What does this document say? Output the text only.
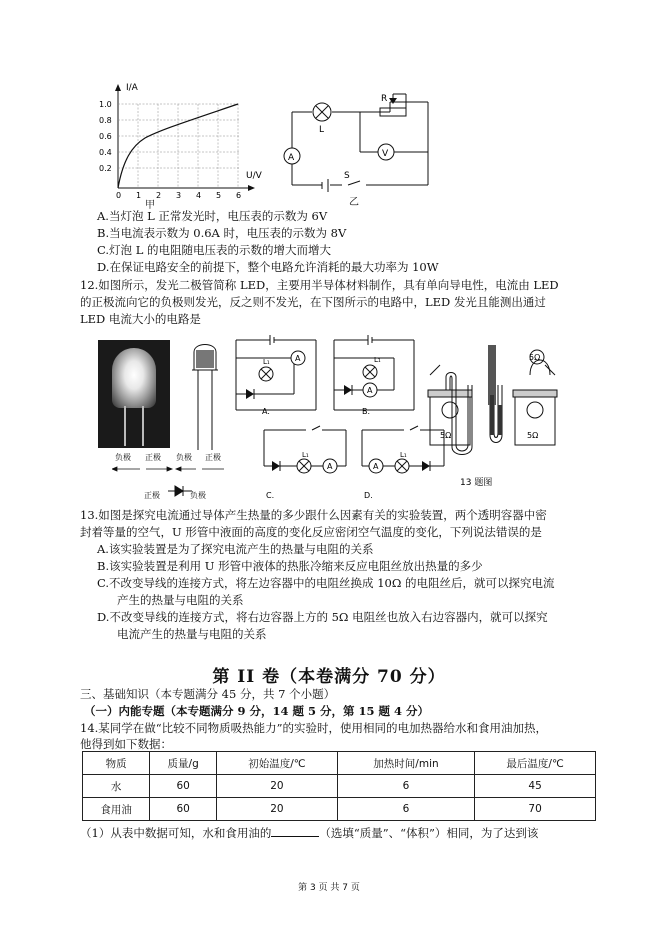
I/A
U/V
1.0
0.8
0.6
0.4
0.2
0 1 2 3 4 5 6
甲
L
R
A	V
S
乙
A.当灯泡 L 正常发光时，电压表的示数为 6V
B.当电流表示数为 0.6A 时，电压表的示数为 8V
C.灯泡 L 的电阻随电压表的示数的增大而增大
D.在保证电路安全的前提下，整个电路允许消耗的最大功率为 10W
12.如图所示，发光二极管简称 LED，主要用半导体材料制作，具有单向导电性，电流由 LED
的正极流向它的负极则发光，反之则不发光，在下图所示的电路中，LED 发光且能测出通过
LED 电流大小的电路是
负极 正极 负极 正极
正极	负极
A
L₁
A.
A
L₁
B.
A
L₁
C.
A
L₁
D.
5Ω	5Ω
5Ω
13 题图
13.如图是探究电流通过导体产生热量的多少跟什么因素有关的实验装置，两个透明容器中密
封着等量的空气，U 形管中液面的高度的变化反应密闭空气温度的变化，下列说法错误的是
A.该实验装置是为了探究电流产生的热量与电阻的关系
B.该实验装置是利用 U 形管中液体的热胀冷缩来反应电阻丝放出热量的多少
C.不改变导线的连接方式，将左边容器中的电阻丝换成 10Ω 的电阻丝后，就可以探究电流
产生的热量与电阻的关系
D.不改变导线的连接方式，将右边容器上方的 5Ω 电阻丝也放入右边容器内，就可以探究
电流产生的热量与电阻的关系
第 II 卷（本卷满分 70 分）
三、基础知识（本专题满分 45 分，共 7 个小题）
（一）内能专题（本专题满分 9 分，14 题 5 分，第 15 题 4 分）
14.某同学在做“比较不同物质吸热能力”的实验时，使用相同的电加热器给水和食用油加热，
他得到如下数据：
物质	质量/g	初始温度/℃	加热时间/min	最后温度/℃
水	60	20	6	45
食用油	60	20	6	70
（1）从表中数据可知，水和食用油的	（选填“质量”、“体积”）相同，为了达到该
第 3 页 共 7 页
